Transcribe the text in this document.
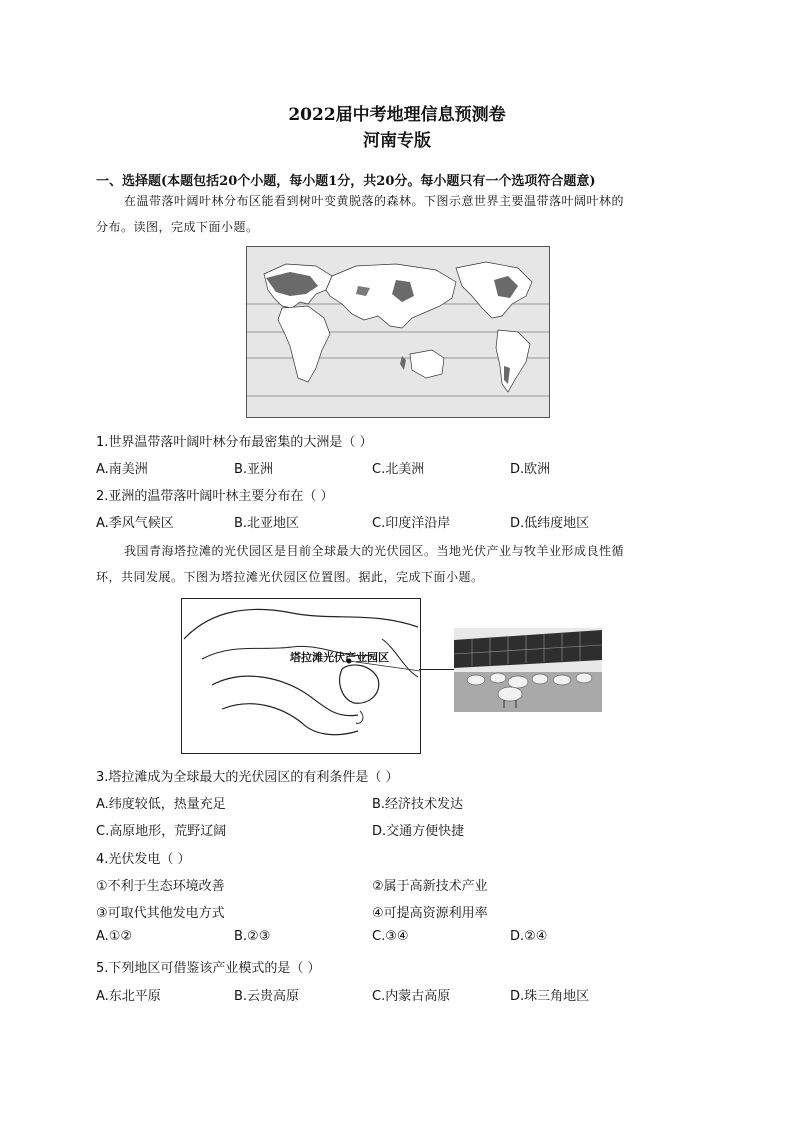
2022届中考地理信息预测卷
河南专版
一、选择题(本题包括20个小题，每小题1分，共20分。每小题只有一个选项符合题意)
在温带落叶阔叶林分布区能看到树叶变黄脱落的森林。下图示意世界主要温带落叶阔叶林的
分布。读图，完成下面小题。
1.世界温带落叶阔叶林分布最密集的大洲是（ ）
A.南美洲	B.亚洲	C.北美洲	D.欧洲
2.亚洲的温带落叶阔叶林主要分布在（ ）
A.季风气候区	B.北亚地区	C.印度洋沿岸	D.低纬度地区
我国青海塔拉滩的光伏园区是目前全球最大的光伏园区。当地光伏产业与牧羊业形成良性循
环，共同发展。下图为塔拉滩光伏园区位置图。据此，完成下面小题。
塔拉滩光伏产业园区
3.塔拉滩成为全球最大的光伏园区的有利条件是（ ）
A.纬度较低，热量充足	B.经济技术发达
C.高原地形，荒野辽阔	D.交通方便快捷
4.光伏发电（ ）
①不利于生态环境改善	②属于高新技术产业
③可取代其他发电方式	④可提高资源利用率
A.①②	B.②③	C.③④	D.②④
5.下列地区可借鉴该产业模式的是（ ）
A.东北平原	B.云贵高原	C.内蒙古高原	D.珠三角地区
